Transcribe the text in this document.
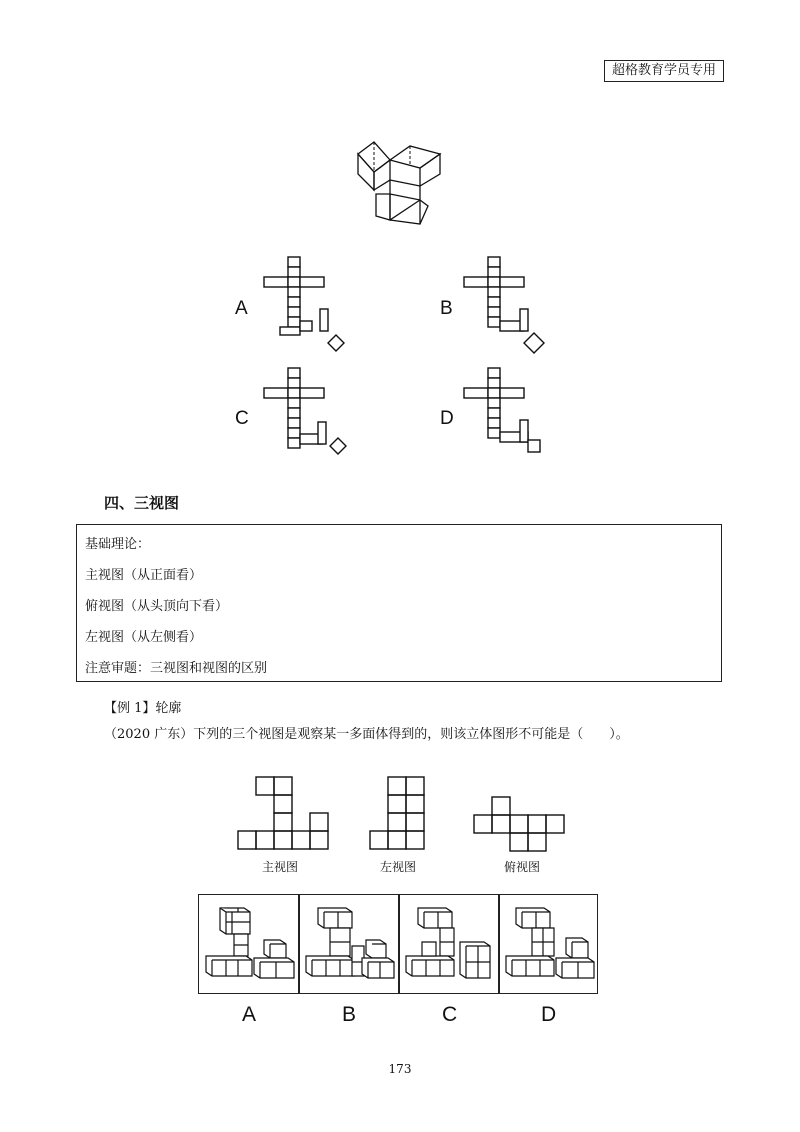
超格教育学员专用
A	B
C	D
四、三视图
基础理论：
主视图（从正面看）
俯视图（从头顶向下看）
左视图（从左侧看）
注意审题：三视图和视图的区别
【例 1】轮廓
（2020 广东）下列的三个视图是观察某一多面体得到的，则该立体图形不可能是（　　）。
主视图	左视图	俯视图
A	B	C	D
173
